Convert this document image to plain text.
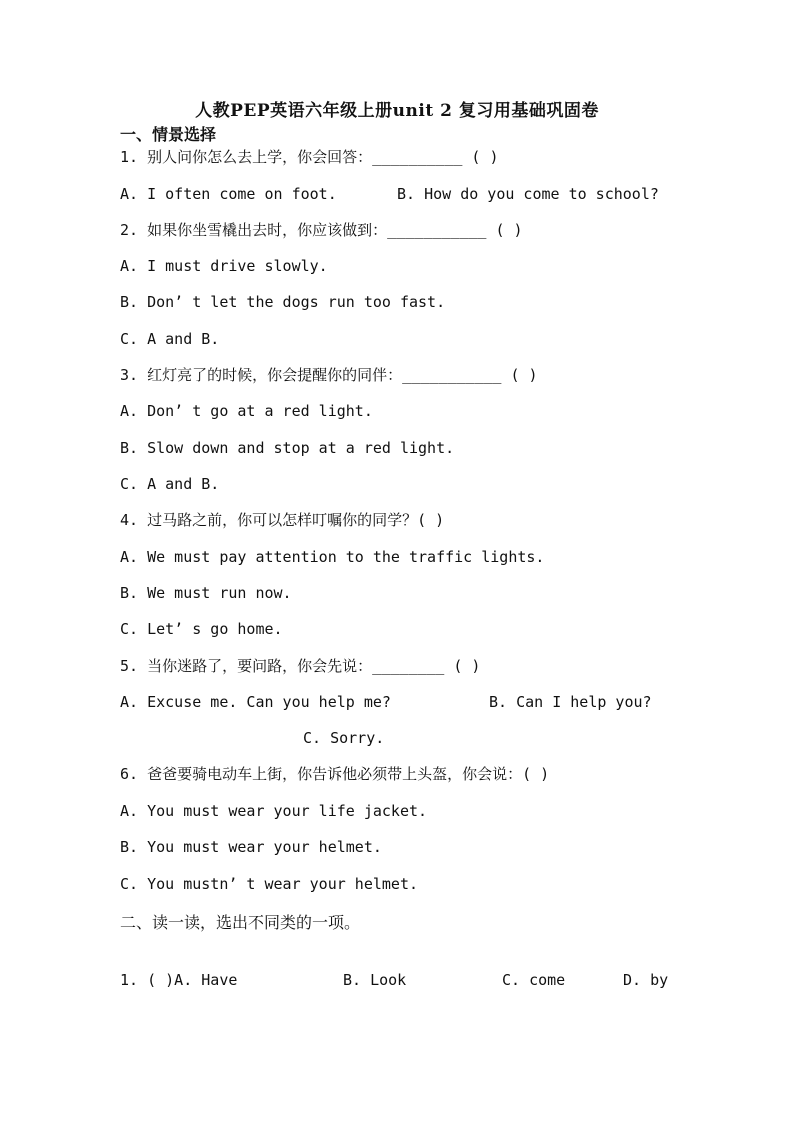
人教PEP英语六年级上册unit 2 复习用基础巩固卷
一、情景选择
1. 别人问你怎么去上学，你会回答：__________ ( )
A. I often come on foot.	B. How do you come to school?
2. 如果你坐雪橇出去时，你应该做到：___________ ( )
A. I must drive slowly.
B. Don’ t let the dogs run too fast.
C. A and B.
3. 红灯亮了的时候，你会提醒你的同伴：___________ ( )
A. Don’ t go at a red light.
B. Slow down and stop at a red light.
C. A and B.
4. 过马路之前，你可以怎样叮嘱你的同学？( )
A. We must pay attention to the traffic lights.
B. We must run now.
C. Let’ s go home.
5. 当你迷路了，要问路，你会先说：________ ( )
A. Excuse me. Can you help me?	B. Can I help you?
C. Sorry.
6. 爸爸要骑电动车上街，你告诉他必须带上头盔，你会说：( )
A. You must wear your life jacket.
B. You must wear your helmet.
C. You mustn’ t wear your helmet.
二、读一读，选出不同类的一项。
1. ( )A. Have	B. Look	C. come	D. by
